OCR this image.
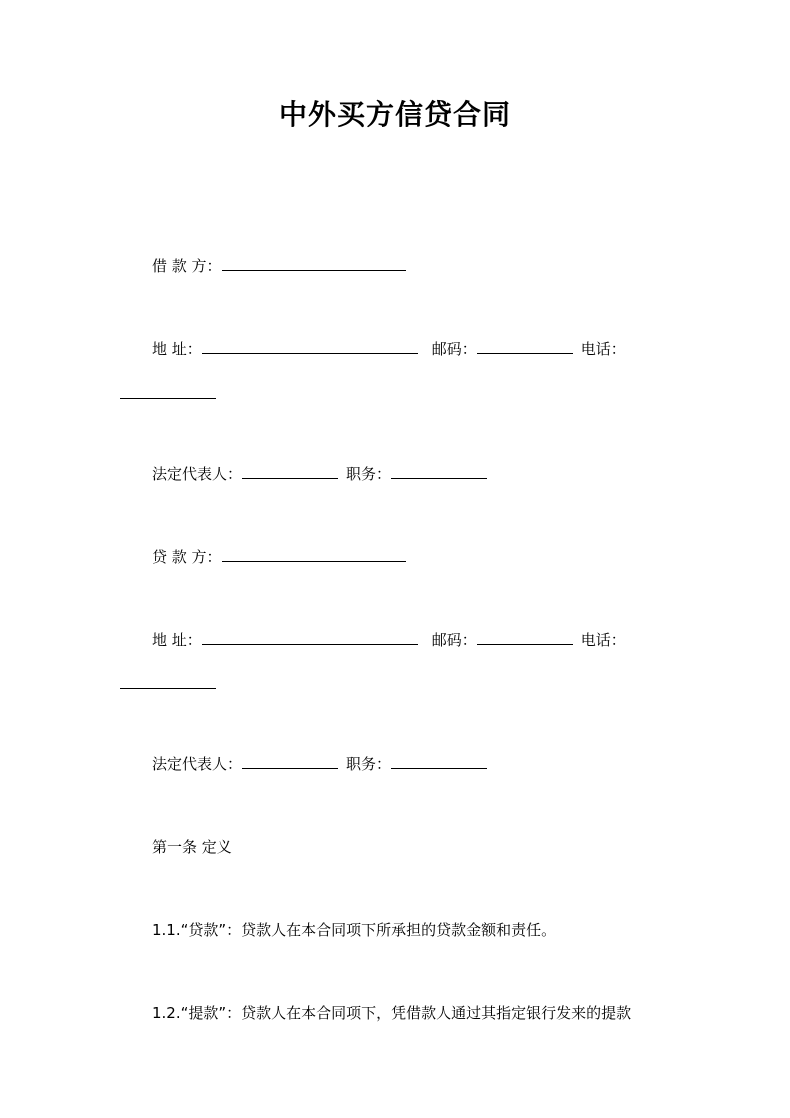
中外买方信贷合同
借 款 方：
地 址：	邮码：	电话：
法定代表人：	职务：
贷 款 方：
地 址：	邮码：	电话：
法定代表人：	职务：
第一条 定义
1.1.“贷款”：贷款人在本合同项下所承担的贷款金额和责任。
1.2.“提款”：贷款人在本合同项下，凭借款人通过其指定银行发来的提款
